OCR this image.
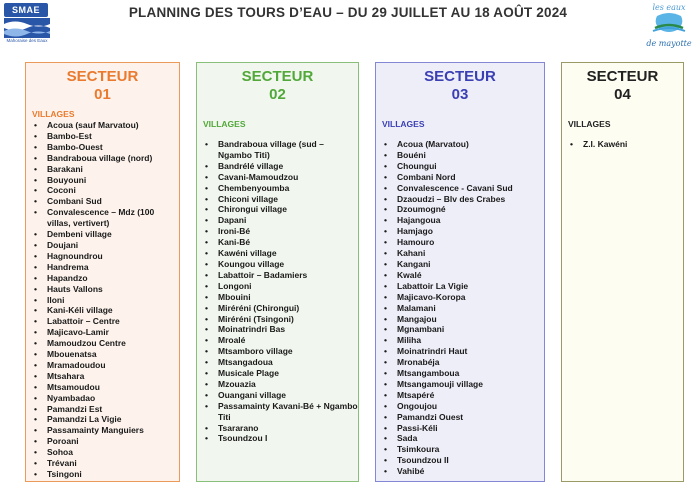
SMAE
Mahoraise des Eaux
PLANNING DES TOURS D’EAU – DU 29 JUILLET AU 18 AOÛT 2024	les eaux
de mayotte
SECTEUR
01
VILLAGES
• Acoua (sauf Marvatou)
• Bambo-Est
• Bambo-Ouest
• Bandraboua village (nord)
• Barakani
• Bouyouni
• Coconi
• Combani Sud
• Convalescence – Mdz (100 villas, vertivert)
• Dembeni village
• Doujani
• Hagnoundrou
• Handrema
• Hapandzo
• Hauts Vallons
• Iloni
• Kani-Kéli village
• Labattoir – Centre
• Majicavo-Lamir
• Mamoudzou Centre
• Mbouenatsa
• Mramadoudou
• Mtsahara
• Mtsamoudou
• Nyambadao
• Pamandzi Est
• Pamandzi La Vigie
• Passamainty Manguiers
• Poroani
• Sohoa
• Trévani
• Tsingoni
SECTEUR
02
VILLAGES
• Bandraboua village (sud – Ngambo Titi)
• Bandrélé village
• Cavani-Mamoudzou
• Chembenyoumba
• Chiconi village
• Chirongui village
• Dapani
• Ironi-Bé
• Kani-Bé
• Kawéni village
• Koungou village
• Labattoir – Badamiers
• Longoni
• Mbouini
• Miréréni (Chirongui)
• Miréréni (Tsingoni)
• Moinatrindri Bas
• Mroalé
• Mtsamboro village
• Mtsangadoua
• Musicale Plage
• Mzouazia
• Ouangani village
• Passamainty Kavani-Bé + Ngambo Titi
• Tsararano
• Tsoundzou I
SECTEUR
03
VILLAGES
• Acoua (Marvatou)
• Bouéni
• Choungui
• Combani Nord
• Convalescence - Cavani Sud
• Dzaoudzi – Blv des Crabes
• Dzoumogné
• Hajangoua
• Hamjago
• Hamouro
• Kahani
• Kangani
• Kwalé
• Labattoir La Vigie
• Majicavo-Koropa
• Malamani
• Mangajou
• Mgnambani
• Miliha
• Moinatrindri Haut
• Mronabéja
• Mtsangamboua
• Mtsangamouji village
• Mtsapéré
• Ongoujou
• Pamandzi Ouest
• Passi-Kéli
• Sada
• Tsimkoura
• Tsoundzou II
• Vahibé
SECTEUR
04
VILLAGES
• Z.I. Kawéni
